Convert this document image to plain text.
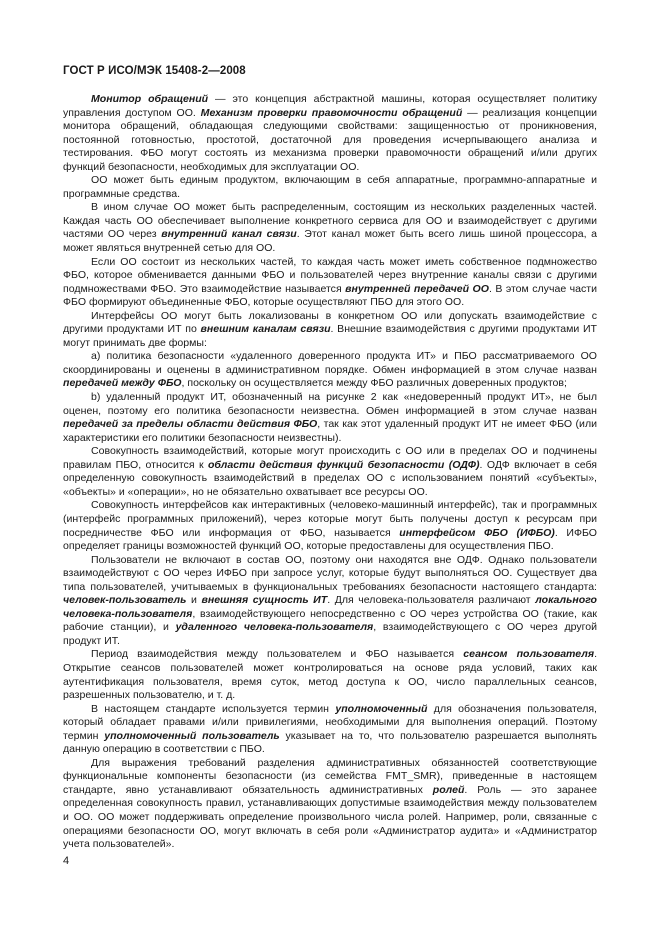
ГОСТ Р ИСО/МЭК 15408-2—2008

Монитор обращений — это концепция абстрактной машины, которая осуществляет политику управления доступом ОО. Механизм проверки правомочности обращений — реализация концепции монитора обращений, обладающая следующими свойствами: защищенностью от проникновения, постоянной готовностью, простотой, достаточной для проведения исчерпывающего анализа и тестирования. ФБО могут состоять из механизма проверки правомочности обращений и/или других функций безопасности, необходимых для эксплуатации ОО.

ОО может быть единым продуктом, включающим в себя аппаратные, программно-аппаратные и программные средства.

В ином случае ОО может быть распределенным, состоящим из нескольких разделенных частей. Каждая часть ОО обеспечивает выполнение конкретного сервиса для ОО и взаимодействует с другими частями ОО через внутренний канал связи. Этот канал может быть всего лишь шиной процессора, а может являться внутренней сетью для ОО.

Если ОО состоит из нескольких частей, то каждая часть может иметь собственное подмножество ФБО, которое обменивается данными ФБО и пользователей через внутренние каналы связи с другими подмножествами ФБО. Это взаимодействие называется внутренней передачей ОО. В этом случае части ФБО формируют объединенные ФБО, которые осуществляют ПБО для этого ОО.

Интерфейсы ОО могут быть локализованы в конкретном ОО или допускать взаимодействие с другими продуктами ИТ по внешним каналам связи. Внешние взаимодействия с другими продуктами ИТ могут принимать две формы:

а) политика безопасности «удаленного доверенного продукта ИТ» и ПБО рассматриваемого ОО скоординированы и оценены в административном порядке. Обмен информацией в этом случае назван передачей между ФБО, поскольку он осуществляется между ФБО различных доверенных продуктов;

b) удаленный продукт ИТ, обозначенный на рисунке 2 как «недоверенный продукт ИТ», не был оценен, поэтому его политика безопасности неизвестна. Обмен информацией в этом случае назван передачей за пределы области действия ФБО, так как этот удаленный продукт ИТ не имеет ФБО (или характеристики его политики безопасности неизвестны).

Совокупность взаимодействий, которые могут происходить с ОО или в пределах ОО и подчинены правилам ПБО, относится к области действия функций безопасности (ОДФ). ОДФ включает в себя определенную совокупность взаимодействий в пределах ОО с использованием понятий «субъекты», «объекты» и «операции», но не обязательно охватывает все ресурсы ОО.

Совокупность интерфейсов как интерактивных (человеко-машинный интерфейс), так и программных (интерфейс программных приложений), через которые могут быть получены доступ к ресурсам при посредничестве ФБО или информация от ФБО, называется интерфейсом ФБО (ИФБО). ИФБО определяет границы возможностей функций ОО, которые предоставлены для осуществления ПБО.

Пользователи не включают в состав ОО, поэтому они находятся вне ОДФ. Однако пользователи взаимодействуют с ОО через ИФБО при запросе услуг, которые будут выполняться ОО. Существует два типа пользователей, учитываемых в функциональных требованиях безопасности настоящего стандарта: человек-пользователь и внешняя сущность ИТ. Для человека-пользователя различают локального человека-пользователя, взаимодействующего непосредственно с ОО через устройства ОО (такие, как рабочие станции), и удаленного человека-пользователя, взаимодействующего с ОО через другой продукт ИТ.

Период взаимодействия между пользователем и ФБО называется сеансом пользователя. Открытие сеансов пользователей может контролироваться на основе ряда условий, таких как аутентификация пользователя, время суток, метод доступа к ОО, число параллельных сеансов, разрешенных пользователю, и т. д.

В настоящем стандарте используется термин уполномоченный для обозначения пользователя, который обладает правами и/или привилегиями, необходимыми для выполнения операций. Поэтому термин уполномоченный пользователь указывает на то, что пользователю разрешается выполнять данную операцию в соответствии с ПБО.

Для выражения требований разделения административных обязанностей соответствующие функциональные компоненты безопасности (из семейства FMT_SMR), приведенные в настоящем стандарте, явно устанавливают обязательность административных ролей. Роль — это заранее определенная совокупность правил, устанавливающих допустимые взаимодействия между пользователем и ОО. ОО может поддерживать определение произвольного числа ролей. Например, роли, связанные с операциями безопасности ОО, могут включать в себя роли «Администратор аудита» и «Администратор учета пользователей».

4
